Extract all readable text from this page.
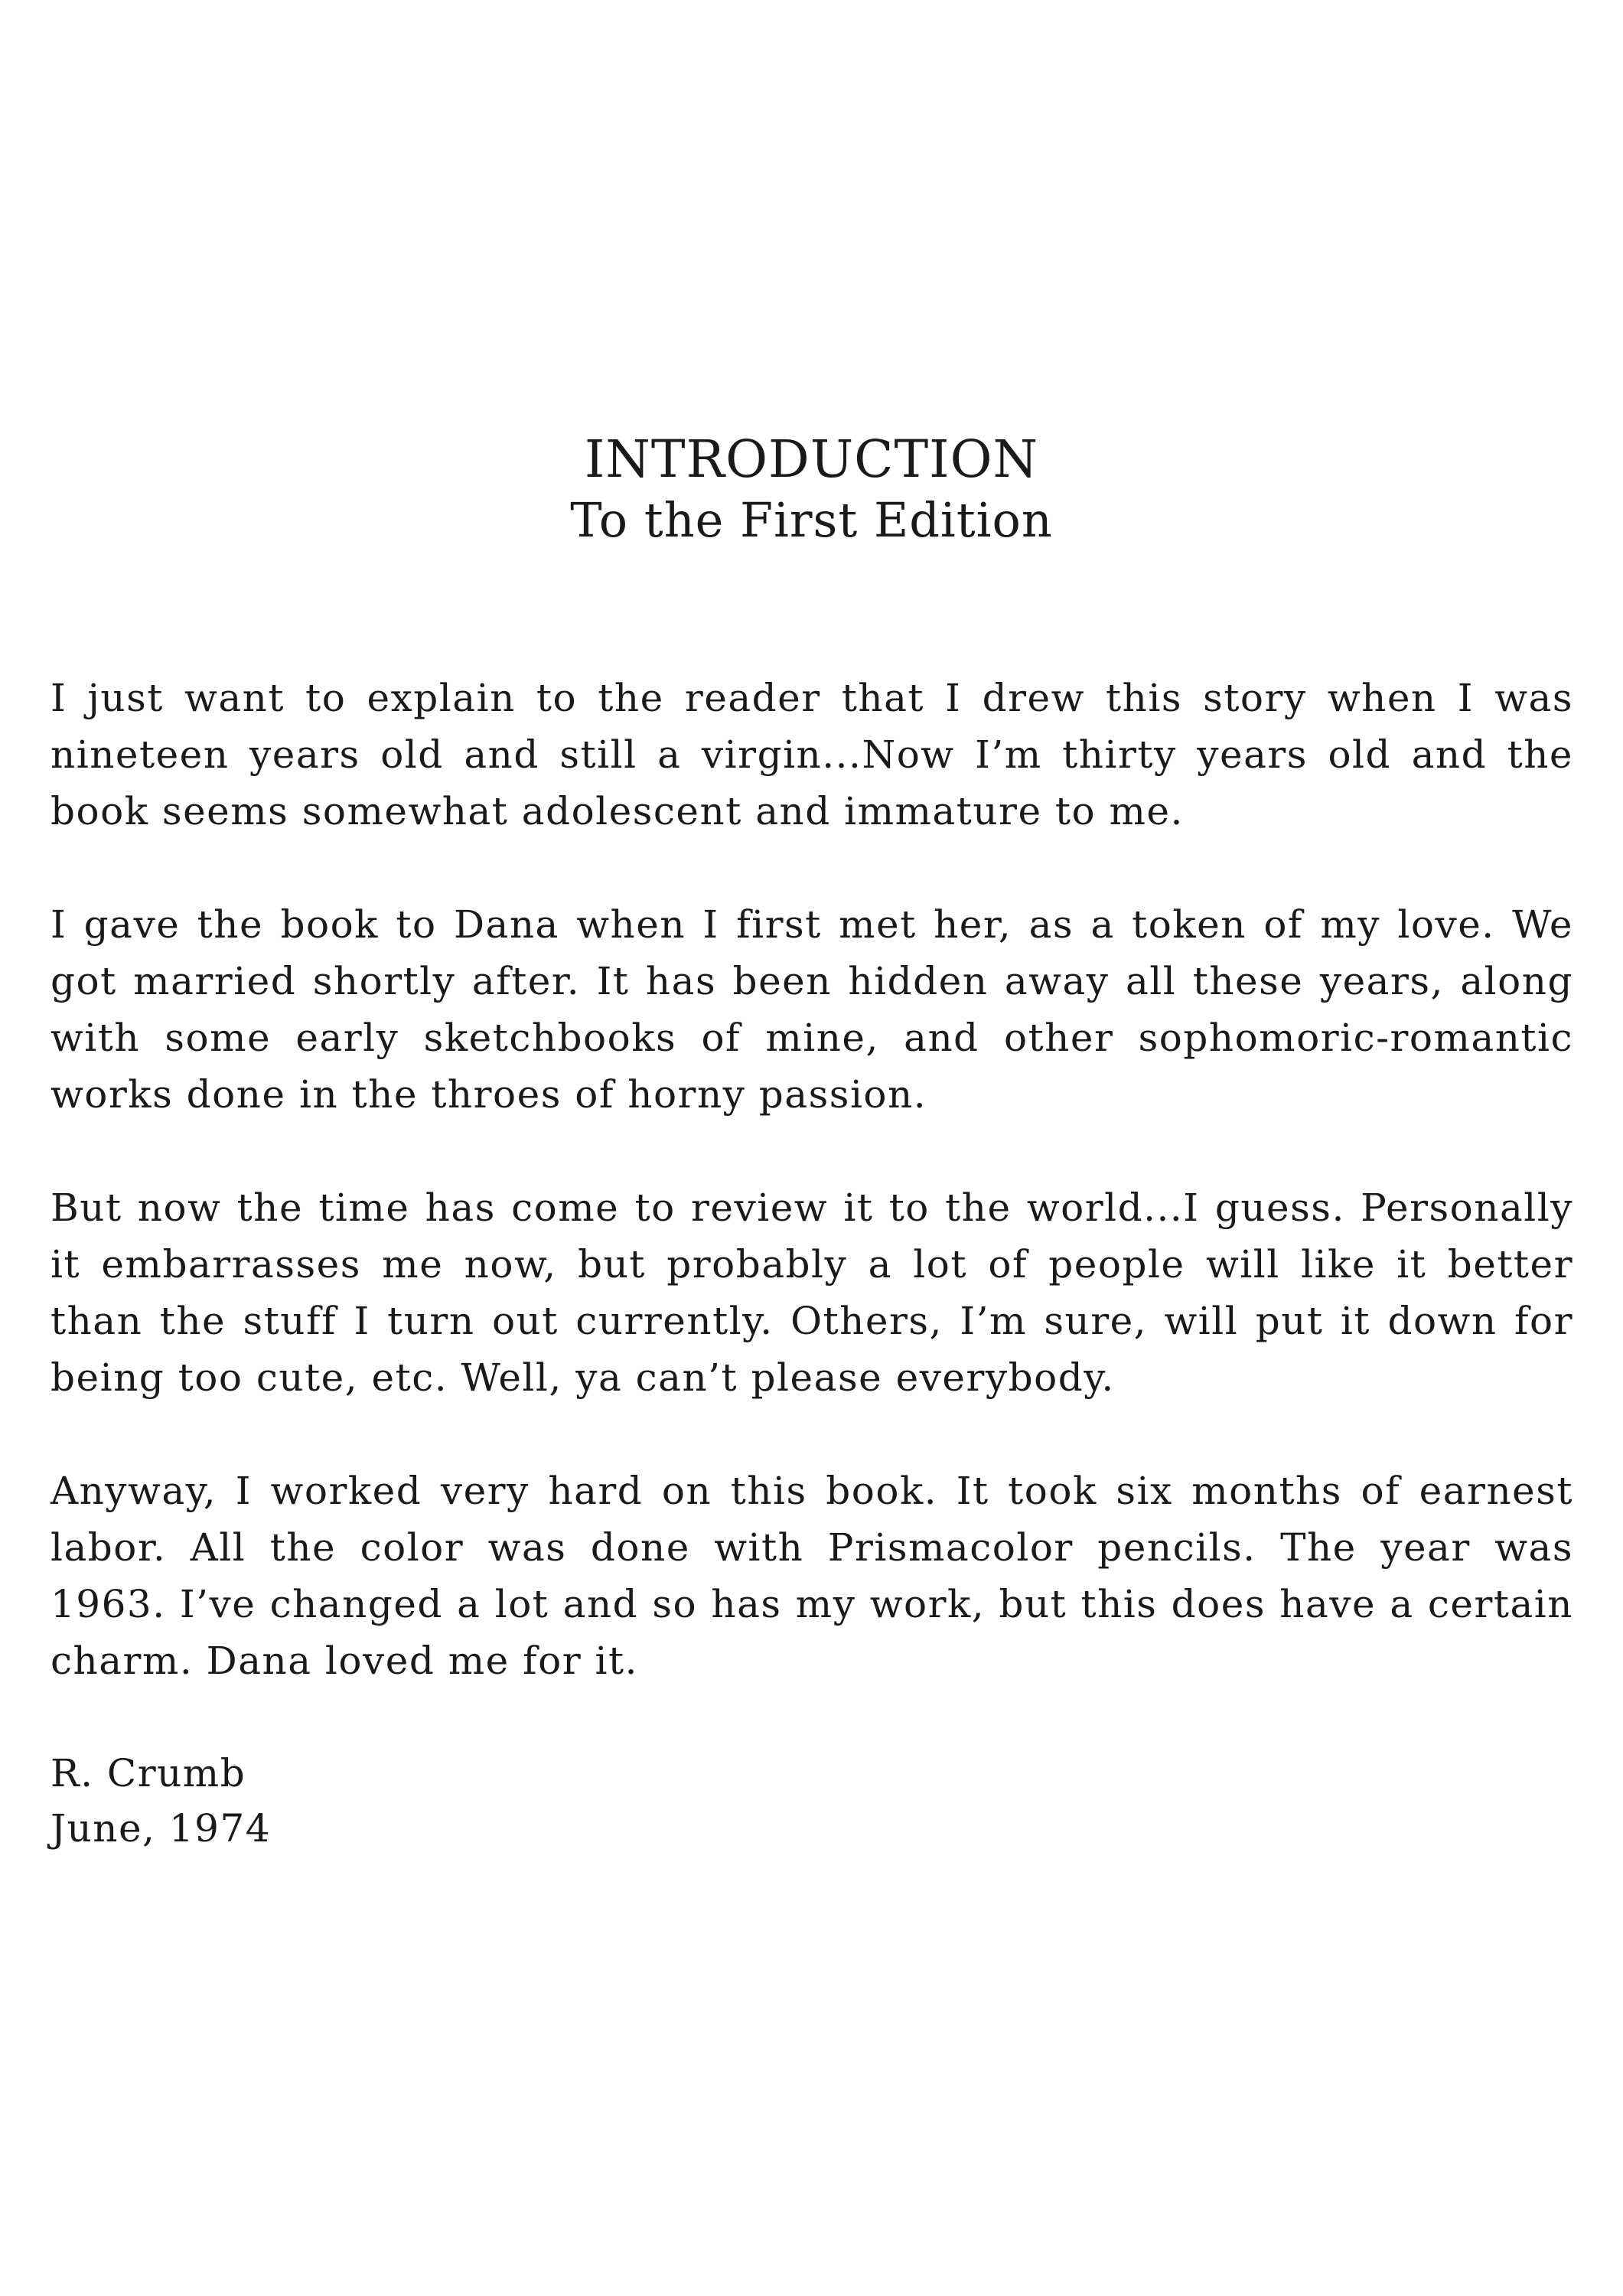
INTRODUCTION
To the First Edition

I just want to explain to the reader that I drew this story when I was nineteen years old and still a virgin...Now I’m thirty years old and the book seems somewhat adolescent and immature to me.

I gave the book to Dana when I first met her, as a token of my love. We got married shortly after. It has been hidden away all these years, along with some early sketchbooks of mine, and other sophomoric-romantic works done in the throes of horny passion.

But now the time has come to review it to the world...I guess. Personally it embarrasses me now, but probably a lot of people will like it better than the stuff I turn out currently. Others, I’m sure, will put it down for being too cute, etc. Well, ya can’t please everybody.

Anyway, I worked very hard on this book. It took six months of earnest labor. All the color was done with Prismacolor pencils. The year was 1963. I’ve changed a lot and so has my work, but this does have a certain charm. Dana loved me for it.

R. Crumb
June, 1974
